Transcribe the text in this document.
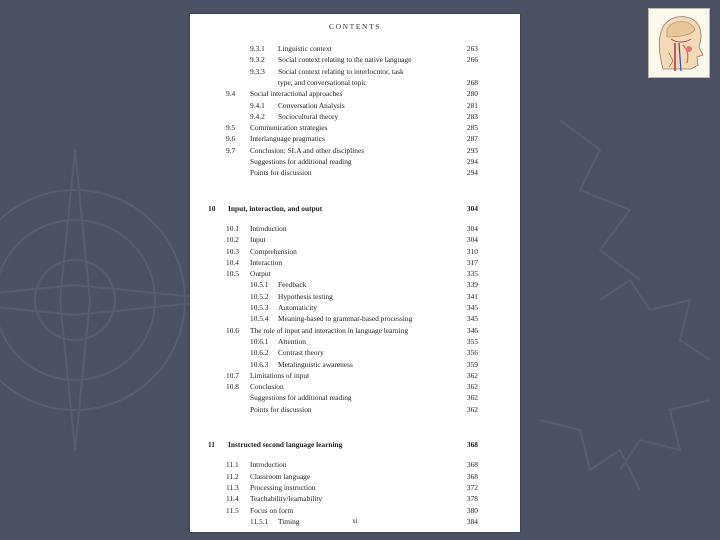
CONTENTS
9.3.1 Linguistic context	263
9.3.2 Social context relating to the native language	266
9.3.3 Social context relating to interlocutor, task
type, and conversational topic	268
9.4 Social interactional approaches	280
9.4.1 Conversation Analysis	281
9.4.2 Sociocultural theory	283
9.5 Communication strategies	285
9.6 Interlanguage pragmatics	287
9.7 Conclusion: SLA and other disciplines	293
Suggestions for additional reading	294
Points for discussion	294
10 Input, interaction, and output	304
10.1 Introduction	304
10.2 Input	304
10.3 Comprehension	310
10.4 Interaction	317
10.5 Output	335
10.5.1 Feedback	339
10.5.2 Hypothesis testing	341
10.5.3 Automaticity	345
10.5.4 Meaning-based to grammar-based processing	345
10.6 The role of input and interaction in language learning	346
10.6.1 Attention	355
10.6.2 Contrast theory	356
10.6.3 Metalinguistic awareness	359
10.7 Limitations of input	362
10.8 Conclusion	362
Suggestions for additional reading	362
Points for discussion	362
11 Instructed second language learning	368
11.1 Introduction	368
11.2 Classroom language	368
11.3 Processing instruction	372
11.4 Teachability/learnability	378
11.5 Focus on form	380
11.5.1 Timing	384
xi
